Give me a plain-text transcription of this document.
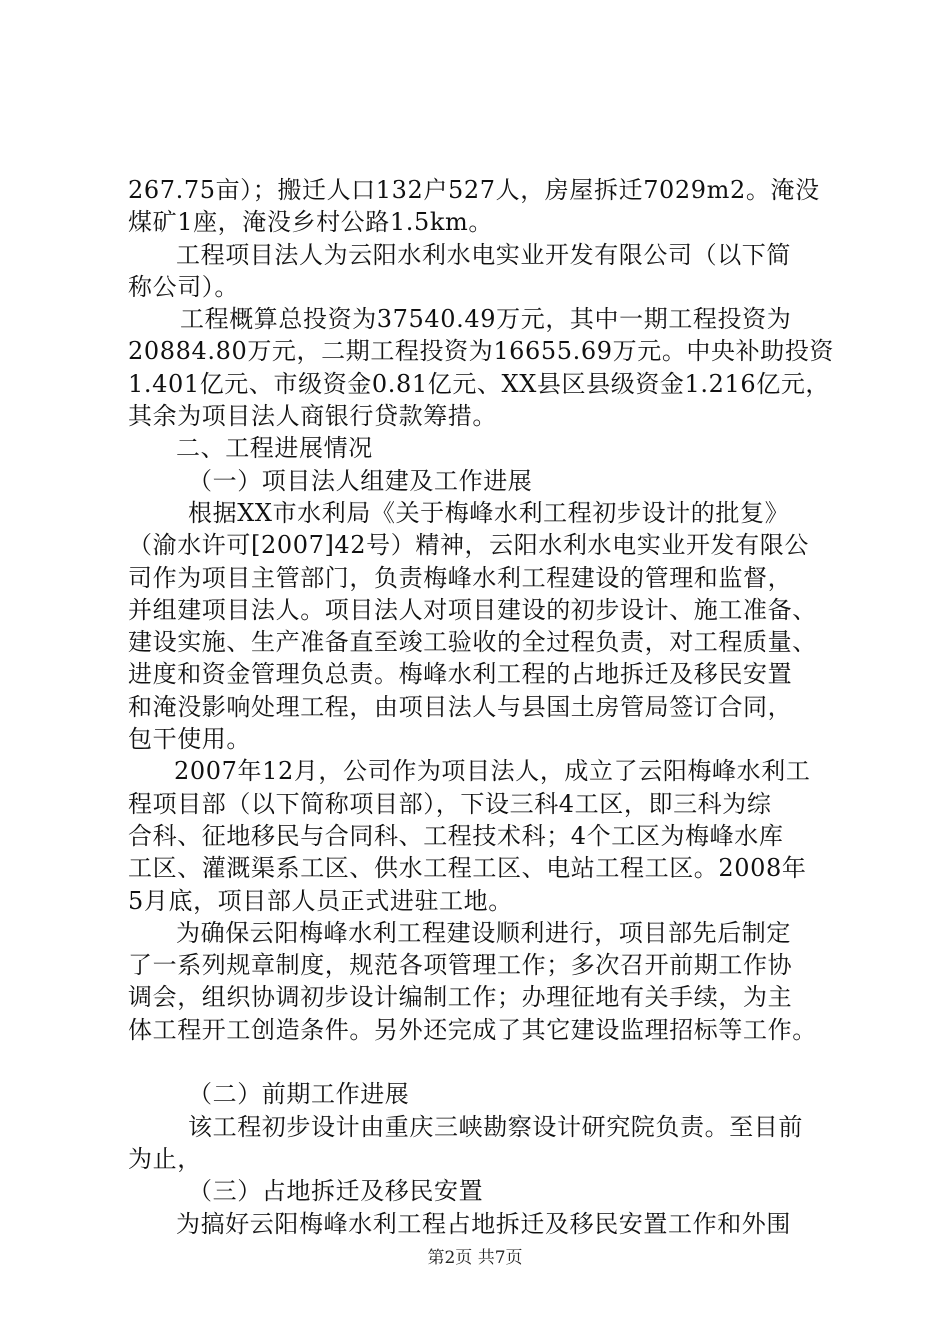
267.75亩）；搬迁人口132户527人，房屋拆迁7029m2。淹没
煤矿1座，淹没乡村公路1.5km。
工程项目法人为云阳水利水电实业开发有限公司（以下简
称公司）。
工程概算总投资为37540.49万元，其中一期工程投资为
20884.80万元，二期工程投资为16655.69万元。中央补助投资
1.401亿元、市级资金0.81亿元、XX县区县级资金1.216亿元，
其余为项目法人商银行贷款筹措。
二、工程进展情况
（一）项目法人组建及工作进展
根据XX市水利局《关于梅峰水利工程初步设计的批复》
（渝水许可[2007]42号）精神，云阳水利水电实业开发有限公
司作为项目主管部门，负责梅峰水利工程建设的管理和监督，
并组建项目法人。项目法人对项目建设的初步设计、施工准备、
建设实施、生产准备直至竣工验收的全过程负责，对工程质量、
进度和资金管理负总责。梅峰水利工程的占地拆迁及移民安置
和淹没影响处理工程，由项目法人与县国土房管局签订合同，
包干使用。
2007年12月，公司作为项目法人，成立了云阳梅峰水利工
程项目部（以下简称项目部），下设三科4工区，即三科为综
合科、征地移民与合同科、工程技术科；4个工区为梅峰水库
工区、灌溉渠系工区、供水工程工区、电站工程工区。2008年
5月底，项目部人员正式进驻工地。
为确保云阳梅峰水利工程建设顺利进行，项目部先后制定
了一系列规章制度，规范各项管理工作；多次召开前期工作协
调会，组织协调初步设计编制工作；办理征地有关手续，为主
体工程开工创造条件。另外还完成了其它建设监理招标等工作。
（二）前期工作进展
该工程初步设计由重庆三峡勘察设计研究院负责。至目前
为止，
（三）占地拆迁及移民安置
为搞好云阳梅峰水利工程占地拆迁及移民安置工作和外围
第2页 共7页
